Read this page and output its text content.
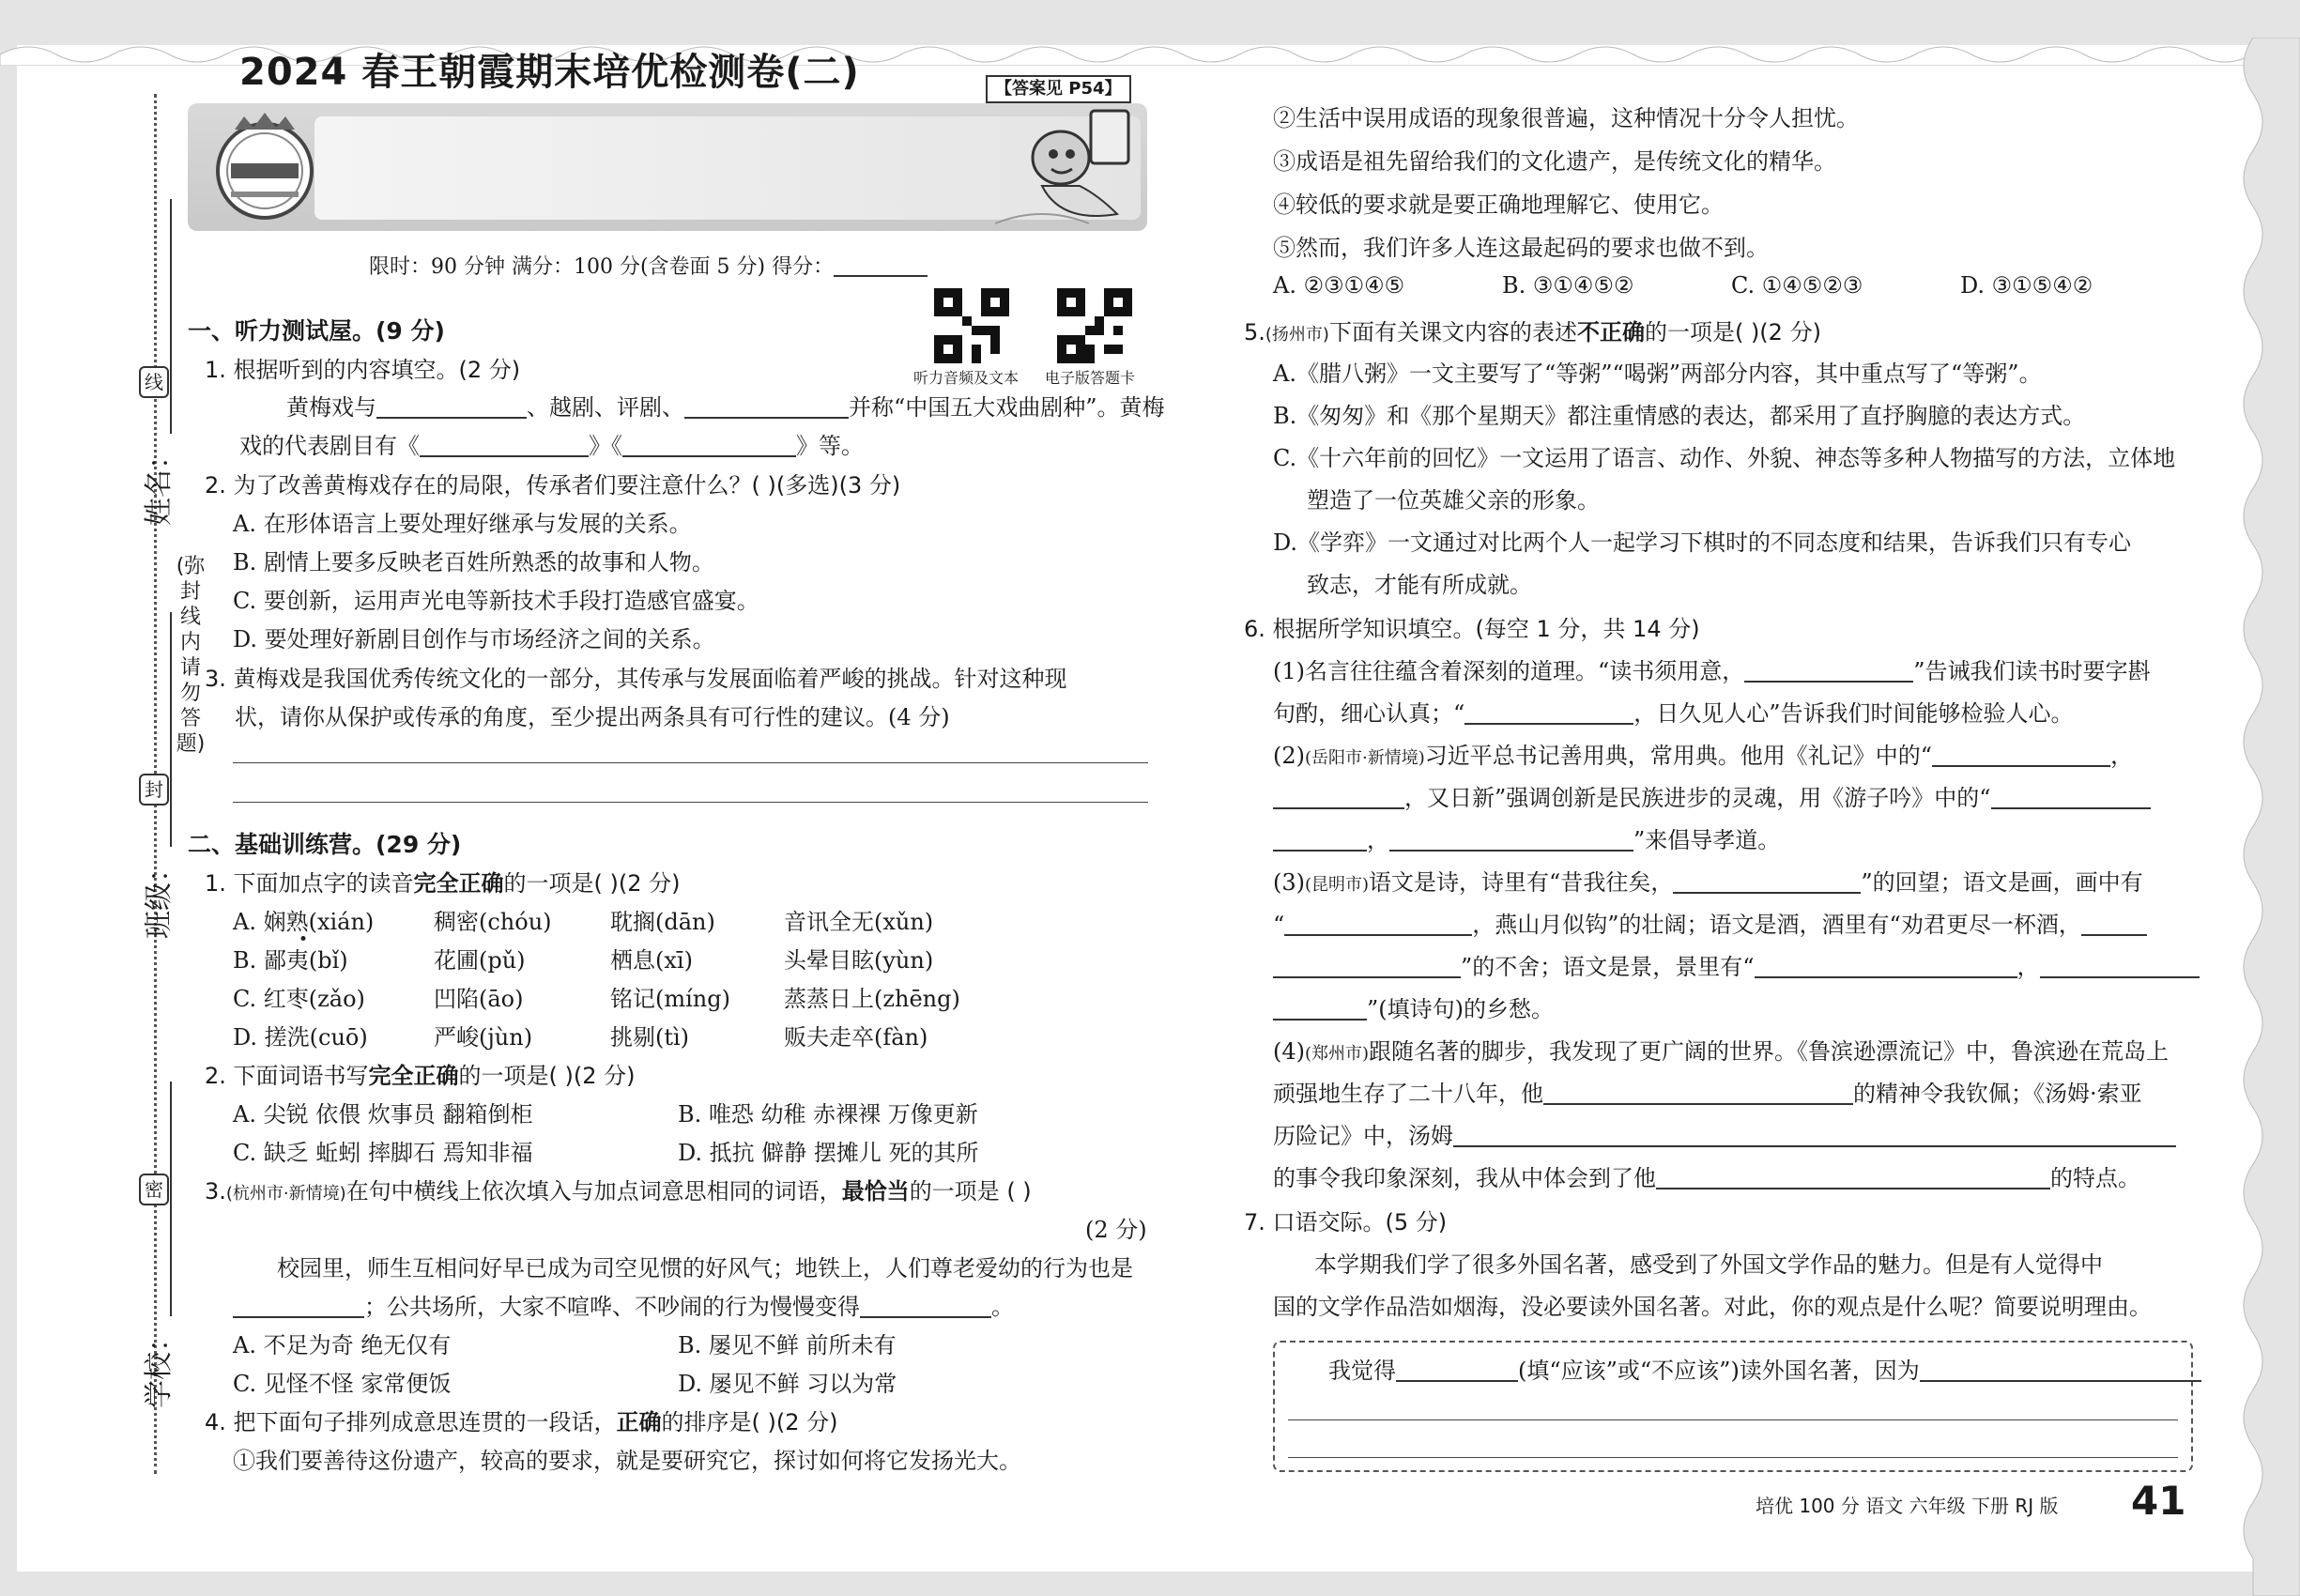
姓名：
班级：
学校：
线
封
密
(弥封线内请勿答题)
【答案见 P54】
2024 春王朝霞期末培优检测卷(二)
限时：90 分钟 满分：100 分(含卷面 5 分) 得分：
听力音频及文本 电子版答题卡
一、听力测试屋。(9 分)
1. 根据听到的内容填空。(2 分)
黄梅戏与	、越剧、评剧、	并称“中国五大戏曲剧种”。黄梅
戏的代表剧目有《	》《	》等。
2. 为了改善黄梅戏存在的局限，传承者们要注意什么？( )(多选)(3 分)
A. 在形体语言上要处理好继承与发展的关系。
B. 剧情上要多反映老百姓所熟悉的故事和人物。
C. 要创新，运用声光电等新技术手段打造感官盛宴。
D. 要处理好新剧目创作与市场经济之间的关系。
3. 黄梅戏是我国优秀传统文化的一部分，其传承与发展面临着严峻的挑战。针对这种现
状，请你从保护或传承的角度，至少提出两条具有可行性的建议。(4 分)
二、基础训练营。(29 分)
1. 下面加点字的读音完全正确的一项是( )(2 分)
A. 娴熟(xián)	稠密(chóu)	耽搁(dān)	音讯全无(xǔn)
B. 鄙夷(bǐ)	花圃(pǔ)	栖息(xī)	头晕目眩(yùn)
C. 红枣(zǎo)	凹陷(āo)	铭记(míng) 蒸蒸日上(zhēng)
D. 搓洗(cuō)	严峻(jùn)	挑剔(tì)	贩夫走卒(fàn)
2. 下面词语书写完全正确的一项是( )(2 分)
A. 尖锐 依偎 炊事员 翻箱倒柜	B. 唯恐 幼稚 赤裸裸 万像更新
C. 缺乏 蚯蚓 摔脚石 焉知非福	D. 抵抗 僻静 摆摊儿 死的其所
3.(杭州市·新情境)在句中横线上依次填入与加点词意思相同的词语，最恰当的一项是 ( )
(2 分)
校园里，师生互相问好早已成为司空见惯的好风气；地铁上，人们尊老爱幼的行为也是
；公共场所，大家不喧哗、不吵闹的行为慢慢变得	。
A. 不足为奇 绝无仅有	B. 屡见不鲜 前所未有
C. 见怪不怪 家常便饭	D. 屡见不鲜 习以为常
4. 把下面句子排列成意思连贯的一段话，正确的排序是( )(2 分)
①我们要善待这份遗产，较高的要求，就是要研究它，探讨如何将它发扬光大。
②生活中误用成语的现象很普遍，这种情况十分令人担忧。
③成语是祖先留给我们的文化遗产，是传统文化的精华。
④较低的要求就是要正确地理解它、使用它。
⑤然而，我们许多人连这最起码的要求也做不到。
A. ②③①④⑤	B. ③①④⑤②	C. ①④⑤②③	D. ③①⑤④②
5.(扬州市)下面有关课文内容的表述不正确的一项是( )(2 分)
A.《腊八粥》一文主要写了“等粥”“喝粥”两部分内容，其中重点写了“等粥”。
B.《匆匆》和《那个星期天》都注重情感的表达，都采用了直抒胸臆的表达方式。
C.《十六年前的回忆》一文运用了语言、动作、外貌、神态等多种人物描写的方法，立体地
塑造了一位英雄父亲的形象。
D.《学弈》一文通过对比两个人一起学习下棋时的不同态度和结果，告诉我们只有专心
致志，才能有所成就。
6. 根据所学知识填空。(每空 1 分，共 14 分)
(1)名言往往蕴含着深刻的道理。“读书须用意，	”告诫我们读书时要字斟
句酌，细心认真；“	，日久见人心”告诉我们时间能够检验人心。
(2)(岳阳市·新情境)习近平总书记善用典，常用典。他用《礼记》中的“	，
，又日新”强调创新是民族进步的灵魂，用《游子吟》中的“
，	”来倡导孝道。
(3)(昆明市)语文是诗，诗里有“昔我往矣，	”的回望；语文是画，画中有
“	，燕山月似钩”的壮阔；语文是酒，酒里有“劝君更尽一杯酒，
”的不舍；语文是景，景里有“	，
”(填诗句)的乡愁。
(4)(郑州市)跟随名著的脚步，我发现了更广阔的世界。《鲁滨逊漂流记》中，鲁滨逊在荒岛上
顽强地生存了二十八年，他	的精神令我钦佩；《汤姆·索亚
历险记》中，汤姆
的事令我印象深刻，我从中体会到了他	的特点。
7. 口语交际。(5 分)
本学期我们学了很多外国名著，感受到了外国文学作品的魅力。但是有人觉得中
国的文学作品浩如烟海，没必要读外国名著。对此，你的观点是什么呢？简要说明理由。
我觉得	(填“应该”或“不应该”)读外国名著，因为
培优 100 分 语文 六年级 下册 RJ 版 41
